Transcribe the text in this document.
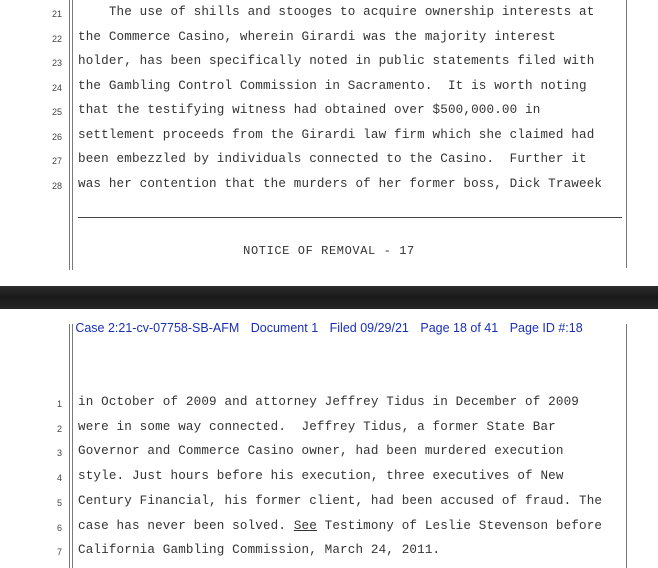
21
22
23
24
25
26
27
28
The use of shills and stooges to acquire ownership interests at
the Commerce Casino, wherein Girardi was the majority interest
holder, has been specifically noted in public statements filed with
the Gambling Control Commission in Sacramento.  It is worth noting
that the testifying witness had obtained over $500,000.00 in
settlement proceeds from the Girardi law firm which she claimed had
been embezzled by individuals connected to the Casino.  Further it
was her contention that the murders of her former boss, Dick Traweek
NOTICE OF REMOVAL - 17
Case 2:21-cv-07758-SB-AFM Document 1 Filed 09/29/21 Page 18 of 41 Page ID #:18
1
2
3
4
5
6
7
in October of 2009 and attorney Jeffrey Tidus in December of 2009
were in some way connected.  Jeffrey Tidus, a former State Bar
Governor and Commerce Casino owner, had been murdered execution
style. Just hours before his execution, three executives of New
Century Financial, his former client, had been accused of fraud. The
case has never been solved. See Testimony of Leslie Stevenson before
California Gambling Commission, March 24, 2011.
